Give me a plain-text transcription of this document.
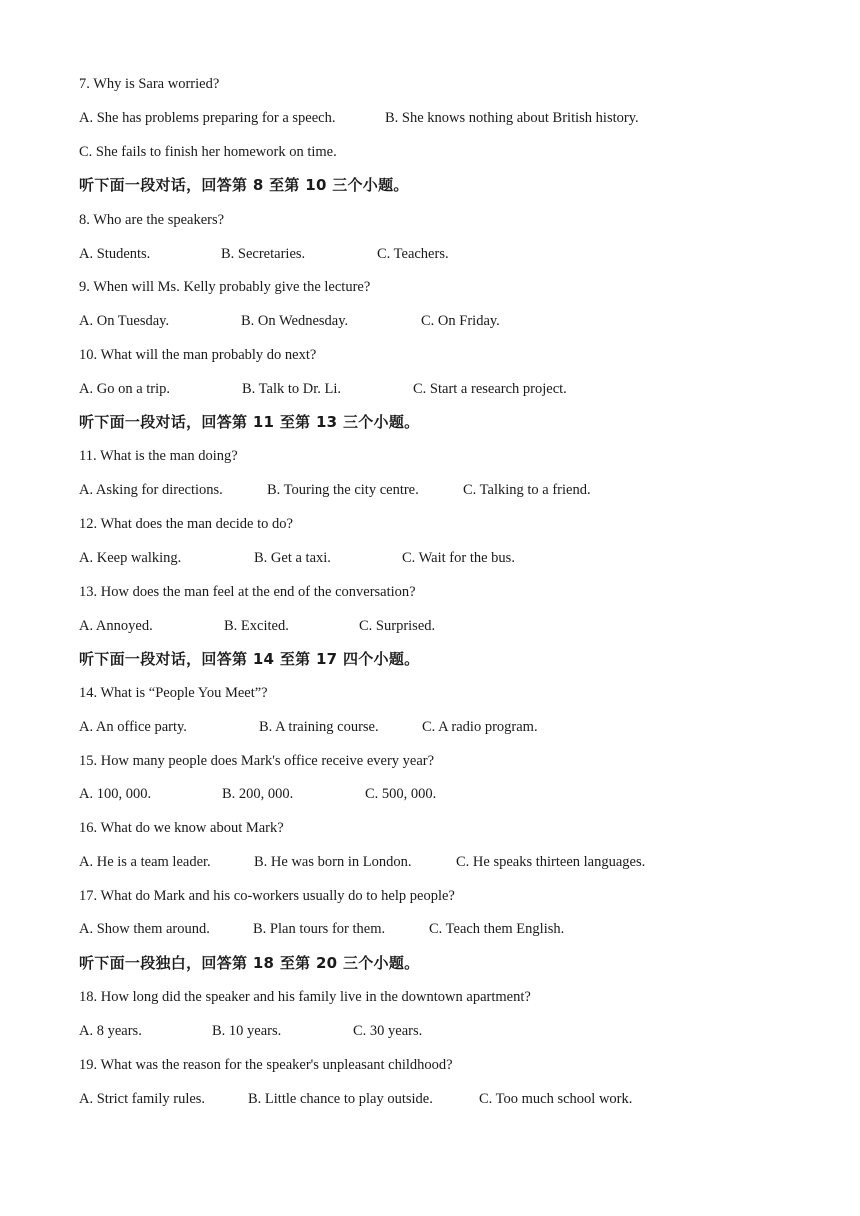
7. Why is Sara worried?
A. She has problems preparing for a speech.	B. She knows nothing about British history.
C. She fails to finish her homework on time.
听下面一段对话，回答第 8 至第 10 三个小题。
8. Who are the speakers?
A. Students.	B. Secretaries.	C. Teachers.
9. When will Ms. Kelly probably give the lecture?
A. On Tuesday.	B. On Wednesday.	C. On Friday.
10. What will the man probably do next?
A. Go on a trip.	B. Talk to Dr. Li.	C. Start a research project.
听下面一段对话，回答第 11 至第 13 三个小题。
11. What is the man doing?
A. Asking for directions.	B. Touring the city centre.	C. Talking to a friend.
12. What does the man decide to do?
A. Keep walking.	B. Get a taxi.	C. Wait for the bus.
13. How does the man feel at the end of the conversation?
A. Annoyed.	B. Excited.	C. Surprised.
听下面一段对话，回答第 14 至第 17 四个小题。
14. What is “People You Meet”?
A. An office party.	B. A training course.	C. A radio program.
15. How many people does Mark's office receive every year?
A. 100, 000.	B. 200, 000.	C. 500, 000.
16. What do we know about Mark?
A. He is a team leader.	B. He was born in London.	C. He speaks thirteen languages.
17. What do Mark and his co-workers usually do to help people?
A. Show them around.	B. Plan tours for them.	C. Teach them English.
听下面一段独白，回答第 18 至第 20 三个小题。
18. How long did the speaker and his family live in the downtown apartment?
A. 8 years.	B. 10 years.	C. 30 years.
19. What was the reason for the speaker's unpleasant childhood?
A. Strict family rules.	B. Little chance to play outside.	C. Too much school work.
